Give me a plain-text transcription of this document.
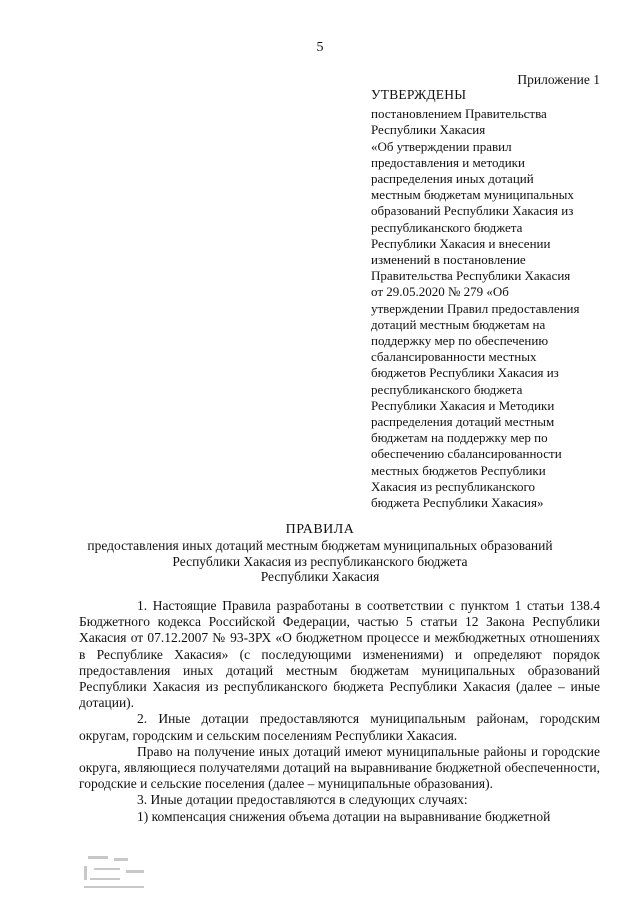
5
Приложение 1
УТВЕРЖДЕНЫ
постановлением Правительства
Республики Хакасия
«Об утверждении правил
предоставления и методики
распределения иных дотаций
местным бюджетам муниципальных
образований Республики Хакасия из
республиканского бюджета
Республики Хакасия и внесении
изменений в постановление
Правительства Республики Хакасия
от 29.05.2020 № 279 «Об
утверждении Правил предоставления
дотаций местным бюджетам на
поддержку мер по обеспечению
сбалансированности местных
бюджетов Республики Хакасия из
республиканского бюджета
Республики Хакасия и Методики
распределения дотаций местным
бюджетам на поддержку мер по
обеспечению сбалансированности
местных бюджетов Республики
Хакасия из республиканского
бюджета Республики Хакасия»
ПРАВИЛА
предоставления иных дотаций местным бюджетам муниципальных образований
Республики Хакасия из республиканского бюджета
Республики Хакасия

1. Настоящие Правила разработаны в соответствии с пунктом 1 статьи 138.4 Бюджетного кодекса Российской Федерации, частью 5 статьи 12 Закона Республики Хакасия от 07.12.2007 № 93-ЗРХ «О бюджетном процессе и межбюджетных отношениях в Республике Хакасия» (с последующими изменениями) и определяют порядок предоставления иных дотаций местным бюджетам муниципальных образований Республики Хакасия из республиканского бюджета Республики Хакасия (далее – иные дотации).

2. Иные дотации предоставляются муниципальным районам, городским округам, городским и сельским поселениям Республики Хакасия.

Право на получение иных дотаций имеют муниципальные районы и городские округа, являющиеся получателями дотаций на выравнивание бюджетной обеспеченности, городские и сельские поселения (далее – муниципальные образования).

3. Иные дотации предоставляются в следующих случаях:

1) компенсация снижения объема дотации на выравнивание бюджетной
